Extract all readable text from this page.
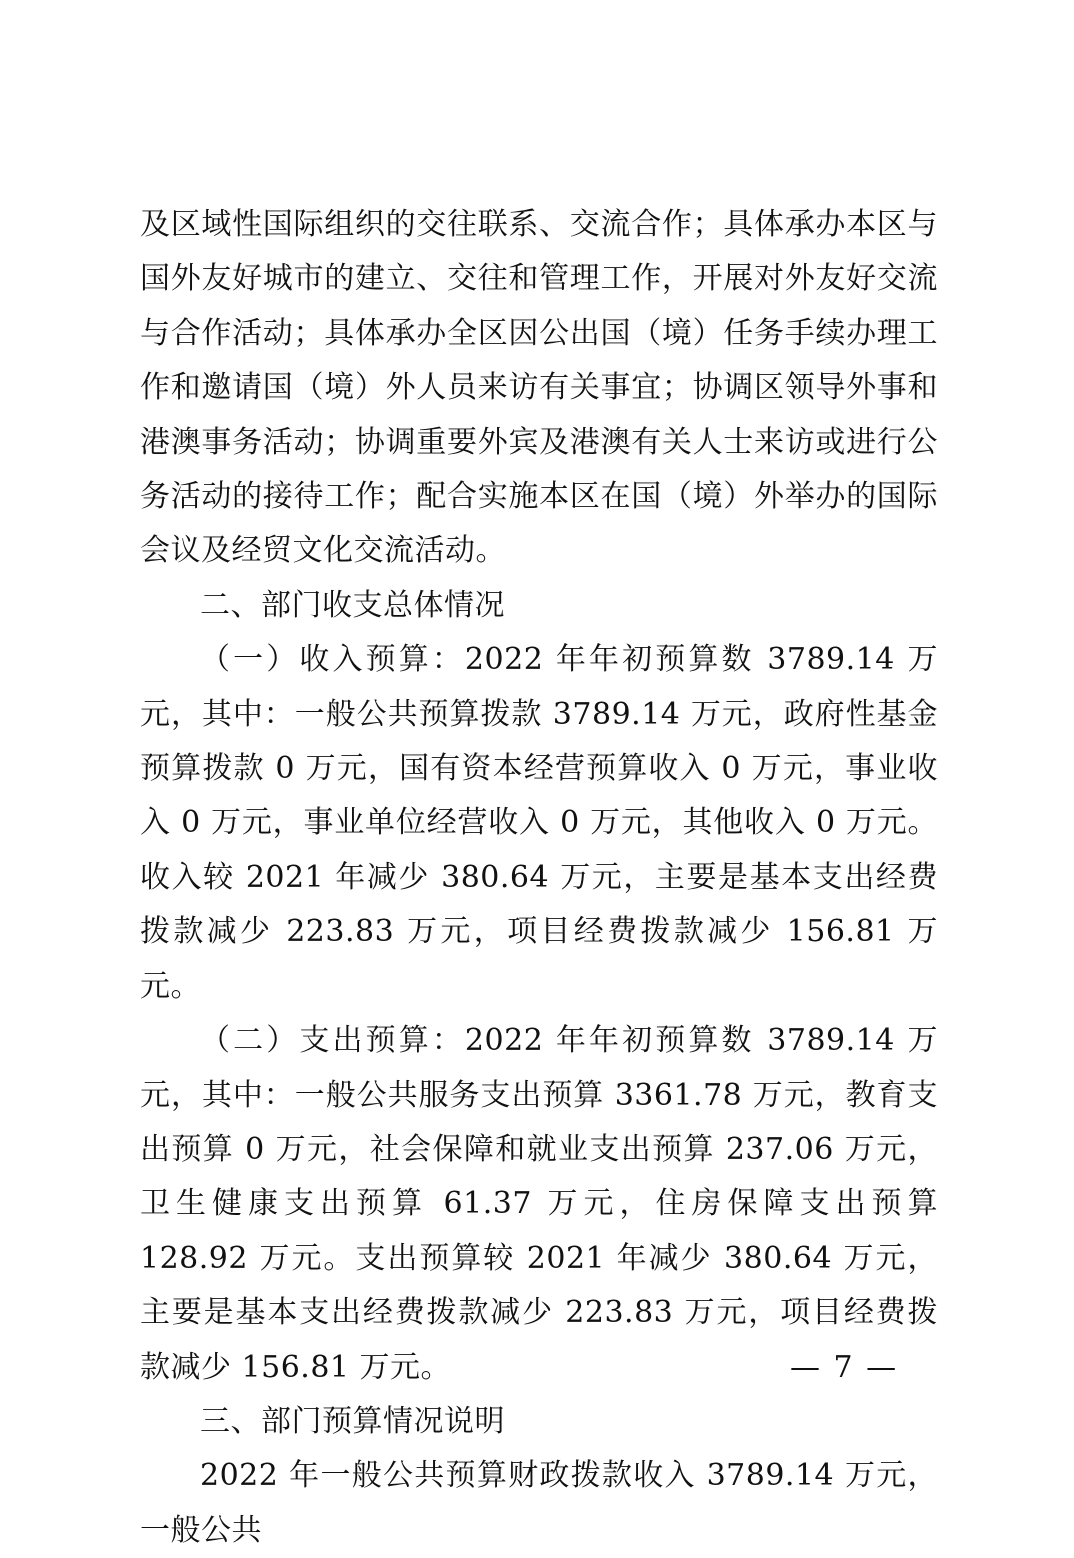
及区域性国际组织的交往联系、交流合作；具体承办本区与国外友好城市的建立、交往和管理工作，开展对外友好交流与合作活动；具体承办全区因公出国（境）任务手续办理工作和邀请国（境）外人员来访有关事宜；协调区领导外事和港澳事务活动；协调重要外宾及港澳有关人士来访或进行公务活动的接待工作；配合实施本区在国（境）外举办的国际会议及经贸文化交流活动。

二、部门收支总体情况

（一）收入预算：2022 年年初预算数 3789.14 万元，其中：一般公共预算拨款 3789.14 万元，政府性基金预算拨款 0 万元，国有资本经营预算收入 0 万元，事业收入 0 万元，事业单位经营收入 0 万元，其他收入 0 万元。收入较 2021 年减少 380.64 万元，主要是基本支出经费拨款减少 223.83 万元，项目经费拨款减少 156.81 万元。

（二）支出预算：2022 年年初预算数 3789.14 万元，其中：一般公共服务支出预算 3361.78 万元，教育支出预算 0 万元，社会保障和就业支出预算 237.06 万元，卫生健康支出预算 61.37 万元，住房保障支出预算 128.92 万元。支出预算较 2021 年减少 380.64 万元，主要是基本支出经费拨款减少 223.83 万元，项目经费拨款减少 156.81 万元。

三、部门预算情况说明

2022 年一般公共预算财政拨款收入 3789.14 万元，一般公共

— 7 —
